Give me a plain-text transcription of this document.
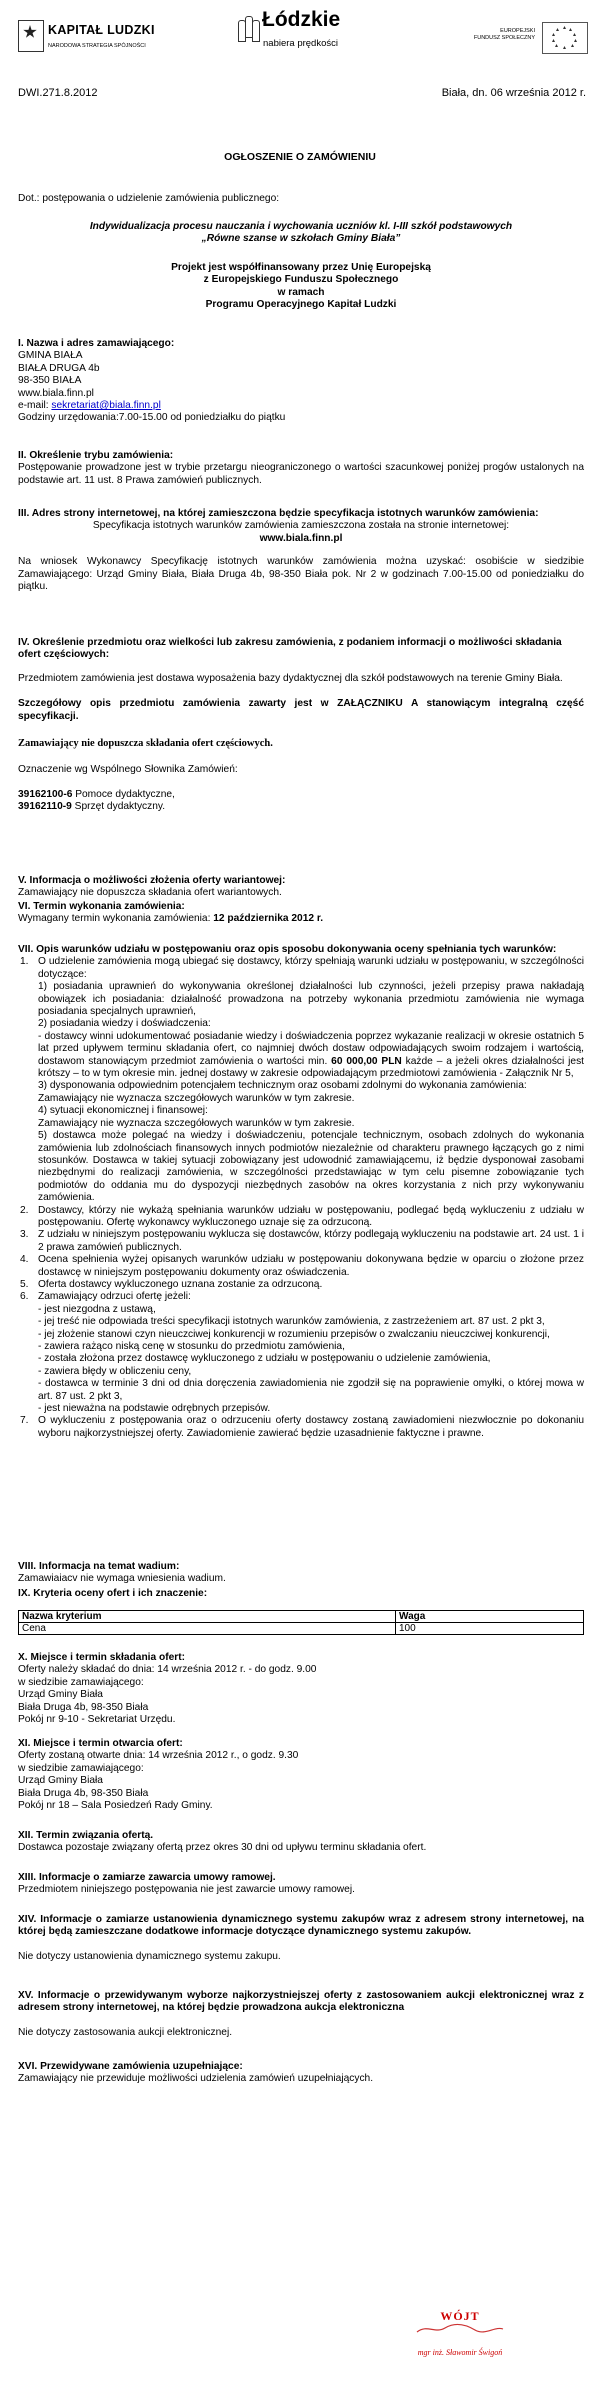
KAPITAŁ LUDZKI
NARODOWA STRATEGIA SPÓJNOŚCI
Łódzkie
nabiera prędkości
EUROPEJSKI
FUNDUSZ SPOŁECZNY
DWI.271.8.2012	Biała, dn. 06 września 2012 r.
OGŁOSZENIE O ZAMÓWIENIU

Dot.: postępowania o udzielenie zamówienia publicznego:

Indywidualizacja procesu nauczania i wychowania uczniów kl. I-III szkół podstawowych

„Równe szanse w szkołach Gminy Biała”

Projekt jest współfinansowany przez Unię Europejską

z Europejskiego Funduszu Społecznego

w ramach

Programu Operacyjnego Kapitał Ludzki

I. Nazwa i adres zamawiającego:

GMINA BIAŁA

BIAŁA DRUGA 4b

98-350 BIAŁA

www.biala.finn.pl

e-mail: sekretariat@biala.finn.pl

Godziny urzędowania:7.00-15.00 od poniedziałku do piątku

II. Określenie trybu zamówienia:

Postępowanie prowadzone jest w trybie przetargu nieograniczonego o wartości szacunkowej poniżej progów ustalonych na podstawie art. 11 ust. 8 Prawa zamówień publicznych.

III. Adres strony internetowej, na której zamieszczona będzie specyfikacja istotnych warunków zamówienia:

Specyfikacja istotnych warunków zamówienia zamieszczona została na stronie internetowej:

www.biala.finn.pl

Na wniosek Wykonawcy Specyfikację istotnych warunków zamówienia można uzyskać: osobiście w siedzibie Zamawiającego: Urząd Gminy Biała, Biała Druga 4b, 98-350 Biała pok. Nr 2 w godzinach 7.00-15.00 od poniedziałku do piątku.

IV. Określenie przedmiotu oraz wielkości lub zakresu zamówienia, z podaniem informacji o możliwości składania ofert częściowych:

Przedmiotem zamówienia jest dostawa wyposażenia bazy dydaktycznej dla szkół podstawowych na terenie Gminy Biała.

Szczegółowy opis przedmiotu zamówienia zawarty jest w ZAŁĄCZNIKU A stanowiącym integralną część specyfikacji.

Zamawiający nie dopuszcza składania ofert częściowych.

Oznaczenie wg Wspólnego Słownika Zamówień:

39162100-6 Pomoce dydaktyczne,

39162110-9 Sprzęt dydaktyczny.

V. Informacja o możliwości złożenia oferty wariantowej:

Zamawiający nie dopuszcza składania ofert wariantowych.

VI. Termin wykonania zamówienia:

Wymagany termin wykonania zamówienia: 12 października 2012 r.

VII. Opis warunków udziału w postępowaniu oraz opis sposobu dokonywania oceny spełniania tych warunków:

1. O udzielenie zamówienia mogą ubiegać się dostawcy, którzy spełniają warunki udziału w postępowaniu, w szczególności dotyczące:

1) posiadania uprawnień do wykonywania określonej działalności lub czynności, jeżeli przepisy prawa nakładają obowiązek ich posiadania: działalność prowadzona na potrzeby wykonania przedmiotu zamówienia nie wymaga posiadania specjalnych uprawnień,

2) posiadania wiedzy i doświadczenia:

- dostawcy winni udokumentować posiadanie wiedzy i doświadczenia poprzez wykazanie realizacji w okresie ostatnich 5 lat przed upływem terminu składania ofert, co najmniej dwóch dostaw odpowiadających swoim rodzajem i wartością, dostawom stanowiącym przedmiot zamówienia o wartości min. 60 000,00 PLN każde – a jeżeli okres działalności jest krótszy – to w tym okresie min. jednej dostawy w zakresie odpowiadającym przedmiotowi zamówienia - Załącznik Nr 5,

3) dysponowania odpowiednim potencjałem technicznym oraz osobami zdolnymi do wykonania zamówienia:

Zamawiający nie wyznacza szczegółowych warunków w tym zakresie.

4) sytuacji ekonomicznej i finansowej:

Zamawiający nie wyznacza szczegółowych warunków w tym zakresie.

5) dostawca może polegać na wiedzy i doświadczeniu, potencjale technicznym, osobach zdolnych do wykonania zamówienia lub zdolnościach finansowych innych podmiotów niezależnie od charakteru prawnego łączących go z nimi stosunków. Dostawca w takiej sytuacji zobowiązany jest udowodnić zamawiającemu, iż będzie dysponował zasobami niezbędnymi do realizacji zamówienia, w szczególności przedstawiając w tym celu pisemne zobowiązanie tych podmiotów do oddania mu do dyspozycji niezbędnych zasobów na okres korzystania z nich przy wykonywaniu zamówienia.

2. Dostawcy, którzy nie wykażą spełniania warunków udziału w postępowaniu, podlegać będą wykluczeniu z udziału w postępowaniu. Ofertę wykonawcy wykluczonego uznaje się za odrzuconą.

3. Z udziału w niniejszym postępowaniu wyklucza się dostawców, którzy podlegają wykluczeniu na podstawie art. 24 ust. 1 i 2 prawa zamówień publicznych.

4. Ocena spełnienia wyżej opisanych warunków udziału w postępowaniu dokonywana będzie w oparciu o złożone przez dostawcę w niniejszym postępowaniu dokumenty oraz oświadczenia.

5. Oferta dostawcy wykluczonego uznana zostanie za odrzuconą.

6. Zamawiający odrzuci ofertę jeżeli:

- jest niezgodna z ustawą,

- jej treść nie odpowiada treści specyfikacji istotnych warunków zamówienia, z zastrzeżeniem art. 87 ust. 2 pkt 3,

- jej złożenie stanowi czyn nieuczciwej konkurencji w rozumieniu przepisów o zwalczaniu nieuczciwej konkurencji,

- zawiera rażąco niską cenę w stosunku do przedmiotu zamówienia,

- została złożona przez dostawcę wykluczonego z udziału w postępowaniu o udzielenie zamówienia,

- zawiera błędy w obliczeniu ceny,

- dostawca w terminie 3 dni od dnia doręczenia zawiadomienia nie zgodził się na poprawienie omyłki, o której mowa w art. 87 ust. 2 pkt 3,

- jest nieważna na podstawie odrębnych przepisów.

7. O wykluczeniu z postępowania oraz o odrzuceniu oferty dostawcy zostaną zawiadomieni niezwłocznie po dokonaniu wyboru najkorzystniejszej oferty. Zawiadomienie zawierać będzie uzasadnienie faktyczne i prawne.

VIII. Informacja na temat wadium:

Zamawiaiacv nie wymaga wniesienia wadium.

IX. Kryteria oceny ofert i ich znaczenie:

Nazwa kryterium	Waga
Cena	100

X. Miejsce i termin składania ofert:

Oferty należy składać do dnia: 14 września 2012 r. - do godz. 9.00

w siedzibie zamawiającego:

Urząd Gminy Biała

Biała Druga 4b, 98-350 Biała

Pokój nr 9-10 - Sekretariat Urzędu.

XI. Miejsce i termin otwarcia ofert:

Oferty zostaną otwarte dnia: 14 września 2012 r., o godz. 9.30

w siedzibie zamawiającego:

Urząd Gminy Biała

Biała Druga 4b, 98-350 Biała

Pokój nr 18 – Sala Posiedzeń Rady Gminy.

XII. Termin związania ofertą.

Dostawca pozostaje związany ofertą przez okres 30 dni od upływu terminu składania ofert.

XIII. Informacje o zamiarze zawarcia umowy ramowej.

Przedmiotem niniejszego postępowania nie jest zawarcie umowy ramowej.

XIV. Informacje o zamiarze ustanowienia dynamicznego systemu zakupów wraz z adresem strony internetowej, na której będą zamieszczane dodatkowe informacje dotyczące dynamicznego systemu zakupów.

Nie dotyczy ustanowienia dynamicznego systemu zakupu.

XV. Informacje o przewidywanym wyborze najkorzystniejszej oferty z zastosowaniem aukcji elektronicznej wraz z adresem strony internetowej, na której będzie prowadzona aukcja elektroniczna

Nie dotyczy zastosowania aukcji elektronicznej.

XVI. Przewidywane zamówienia uzupełniające:

Zamawiający nie przewiduje możliwości udzielenia zamówień uzupełniających.

WÓJT
mgr inż. Sławomir Świgoń
